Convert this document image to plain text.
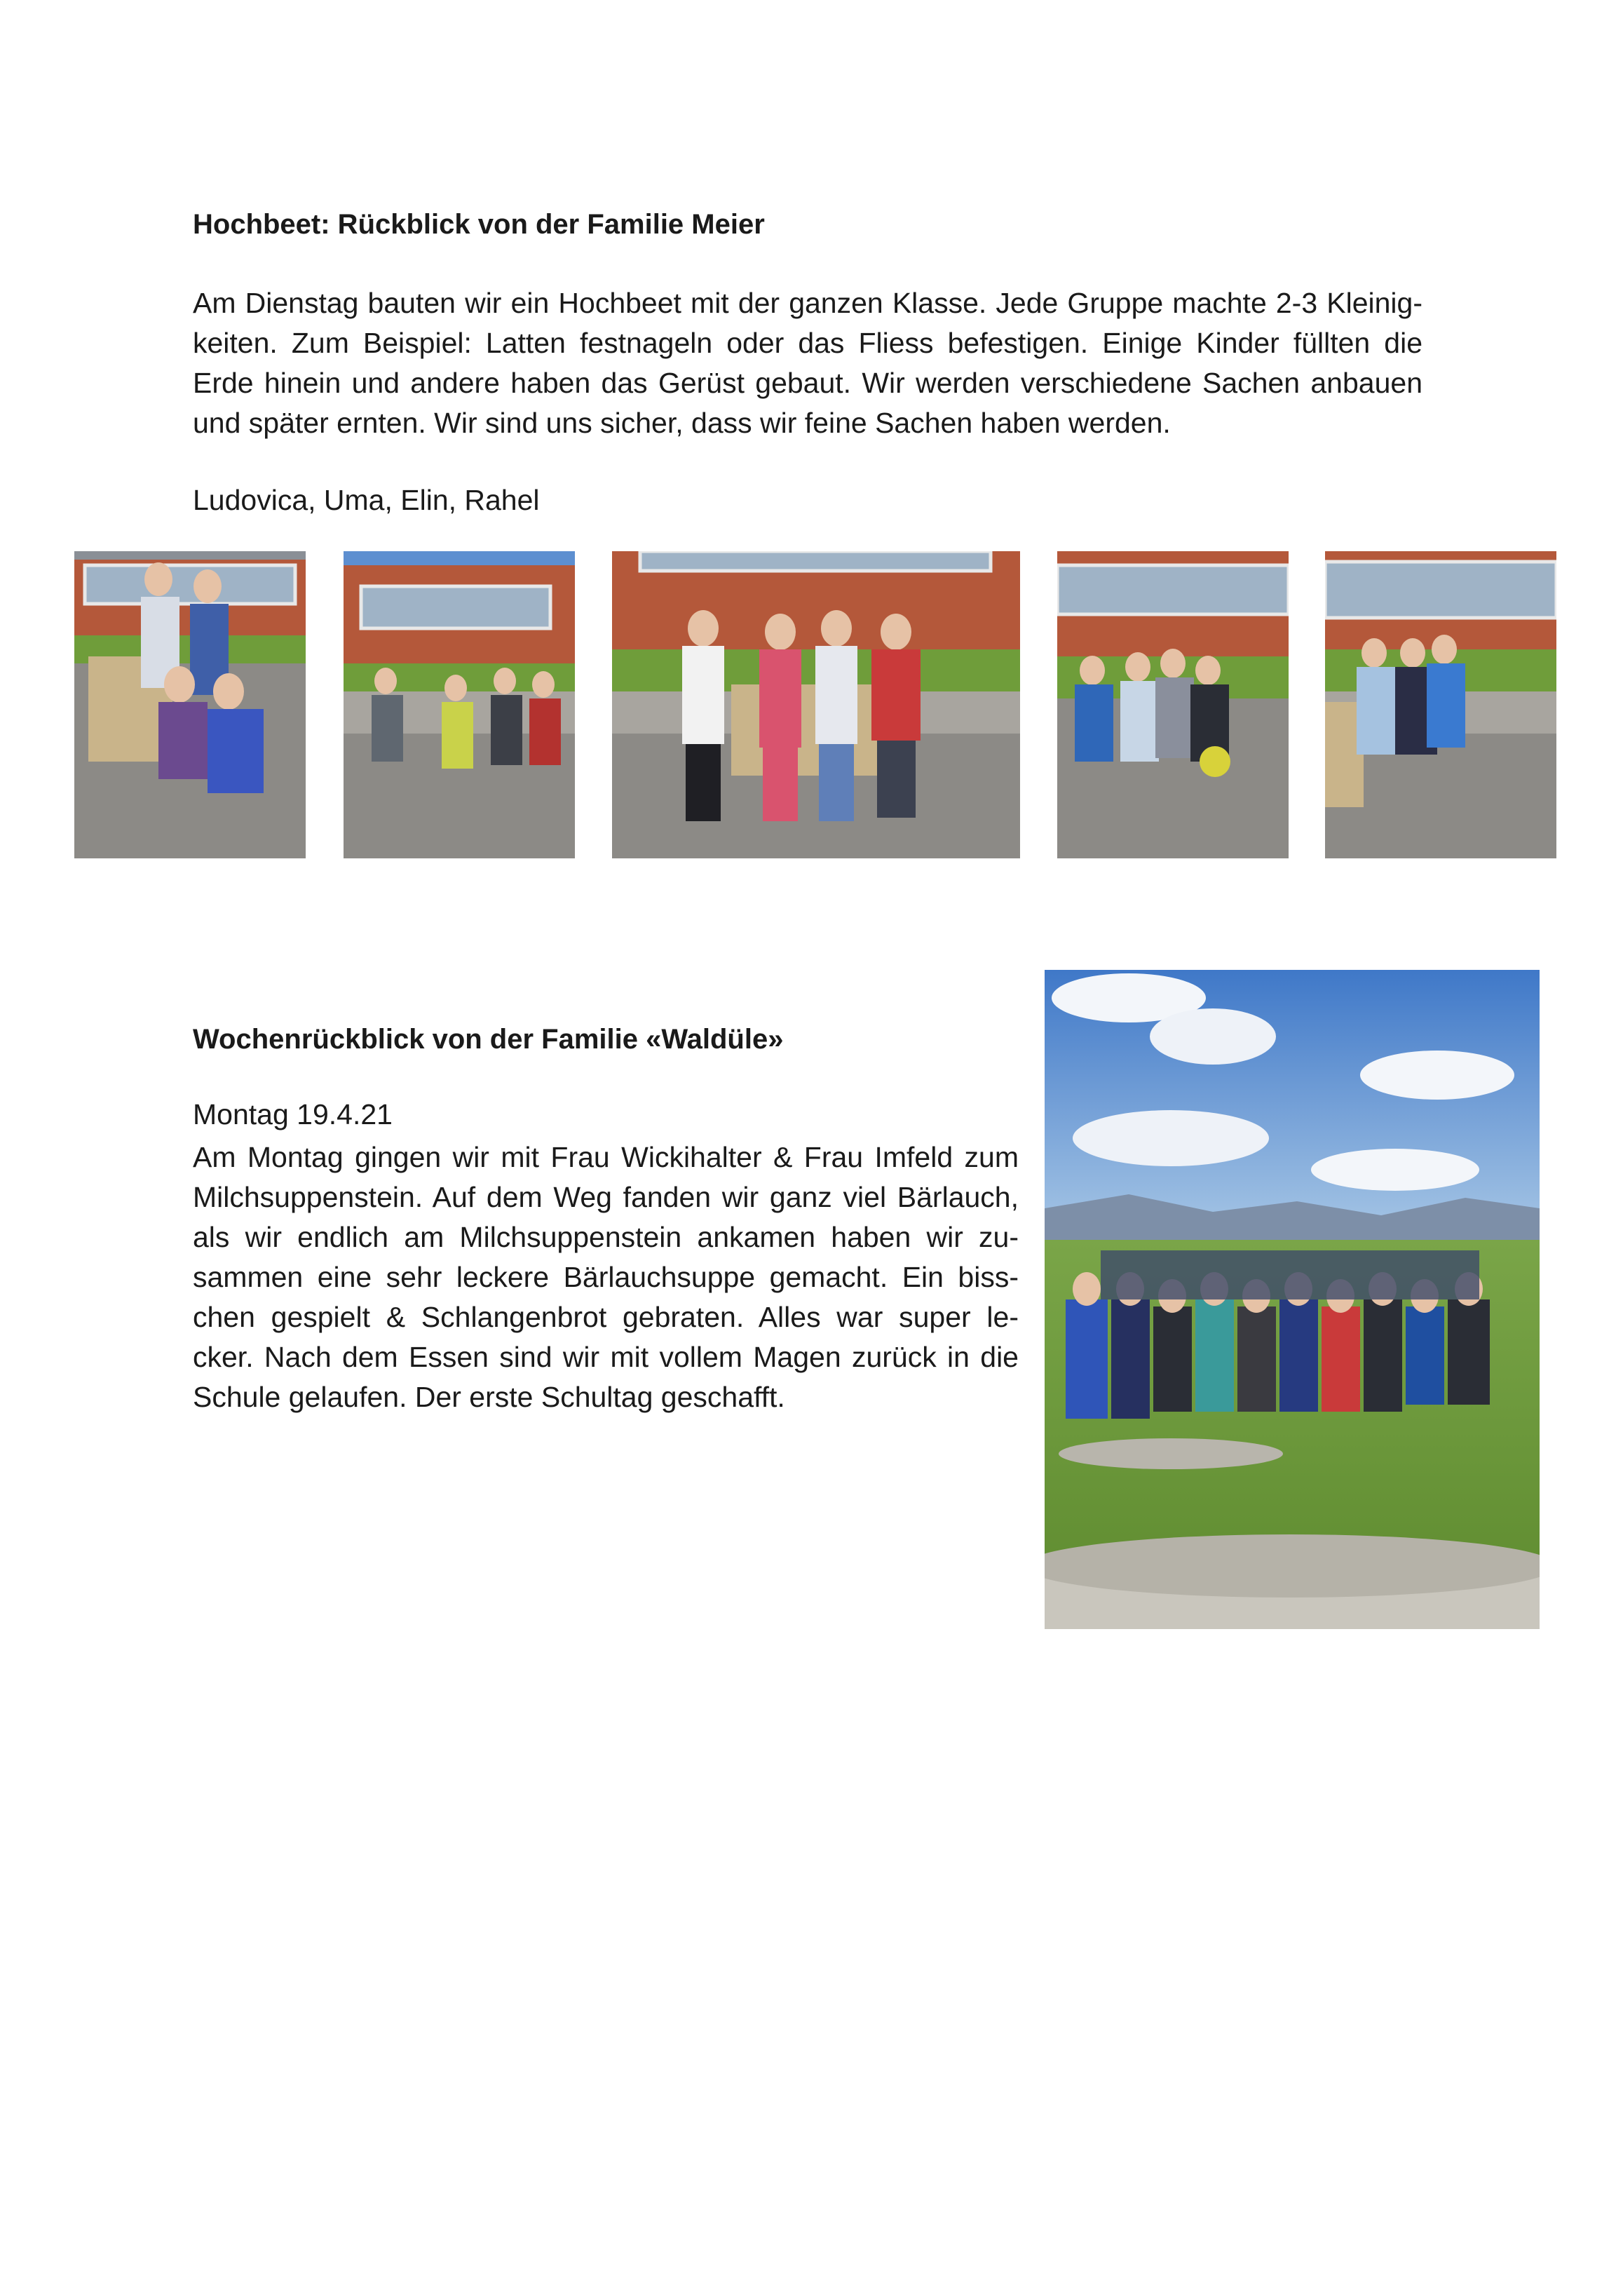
Hochbeet: Rückblick von der Familie Meier
Am Dienstag bauten wir ein Hochbeet mit der ganzen Klasse. Jede Gruppe machte 2-3 Kleinig-
keiten. Zum Beispiel: Latten festnageln oder das Fliess befestigen. Einige Kinder füllten die
Erde hinein und andere haben das Gerüst gebaut. Wir werden verschiedene Sachen anbauen
und später ernten. Wir sind uns sicher, dass wir feine Sachen haben werden.

Ludovica, Uma, Elin, Rahel

Wochenrückblick von der Familie «Waldüle»

Montag 19.4.21

Am Montag gingen wir mit Frau Wickihalter & Frau Imfeld zum
Milchsuppenstein. Auf dem Weg fanden wir ganz viel Bärlauch,
als wir endlich am Milchsuppenstein ankamen haben wir zu-
sammen eine sehr leckere Bärlauchsuppe gemacht. Ein biss-
chen gespielt & Schlangenbrot gebraten. Alles war super le-
cker. Nach dem Essen sind wir mit vollem Magen zurück in die
Schule gelaufen. Der erste Schultag geschafft.
